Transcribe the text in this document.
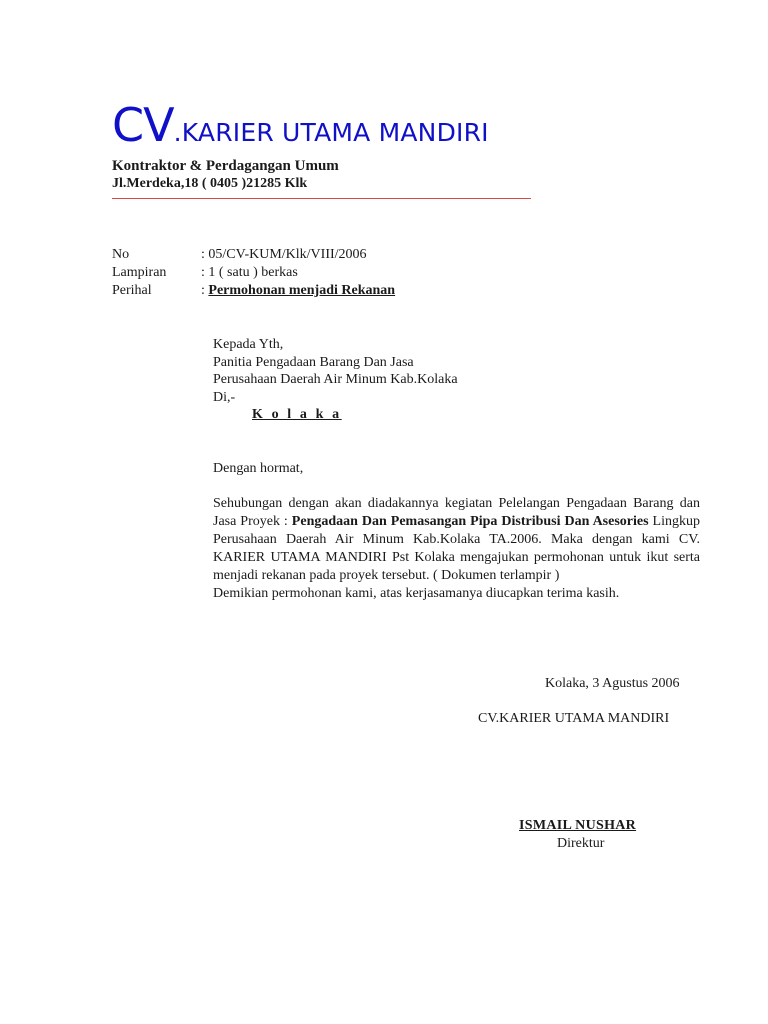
CV.KARIER UTAMA MANDIRI
Kontraktor & Perdagangan Umum
Jl.Merdeka,18 ( 0405 )21285 Klk
No	: 05/CV-KUM/Klk/VIII/2006
Lampiran	: 1 ( satu ) berkas
Perihal	: Permohonan menjadi Rekanan
Kepada Yth,
Panitia Pengadaan Barang Dan Jasa
Perusahaan Daerah Air Minum Kab.Kolaka
Di,-
K o l a k a
Dengan hormat,

Sehubungan dengan akan diadakannya kegiatan Pelelangan Pengadaan Barang dan Jasa Proyek : Pengadaan Dan Pemasangan Pipa Distribusi Dan Asesories Lingkup Perusahaan Daerah Air Minum Kab.Kolaka TA.2006. Maka dengan kami CV. KARIER UTAMA MANDIRI Pst Kolaka mengajukan permohonan untuk ikut serta menjadi rekanan pada proyek tersebut. ( Dokumen terlampir )

Demikian permohonan kami, atas kerjasamanya diucapkan terima kasih.

Kolaka, 3 Agustus 2006
CV.KARIER UTAMA MANDIRI
ISMAIL NUSHAR
Direktur
